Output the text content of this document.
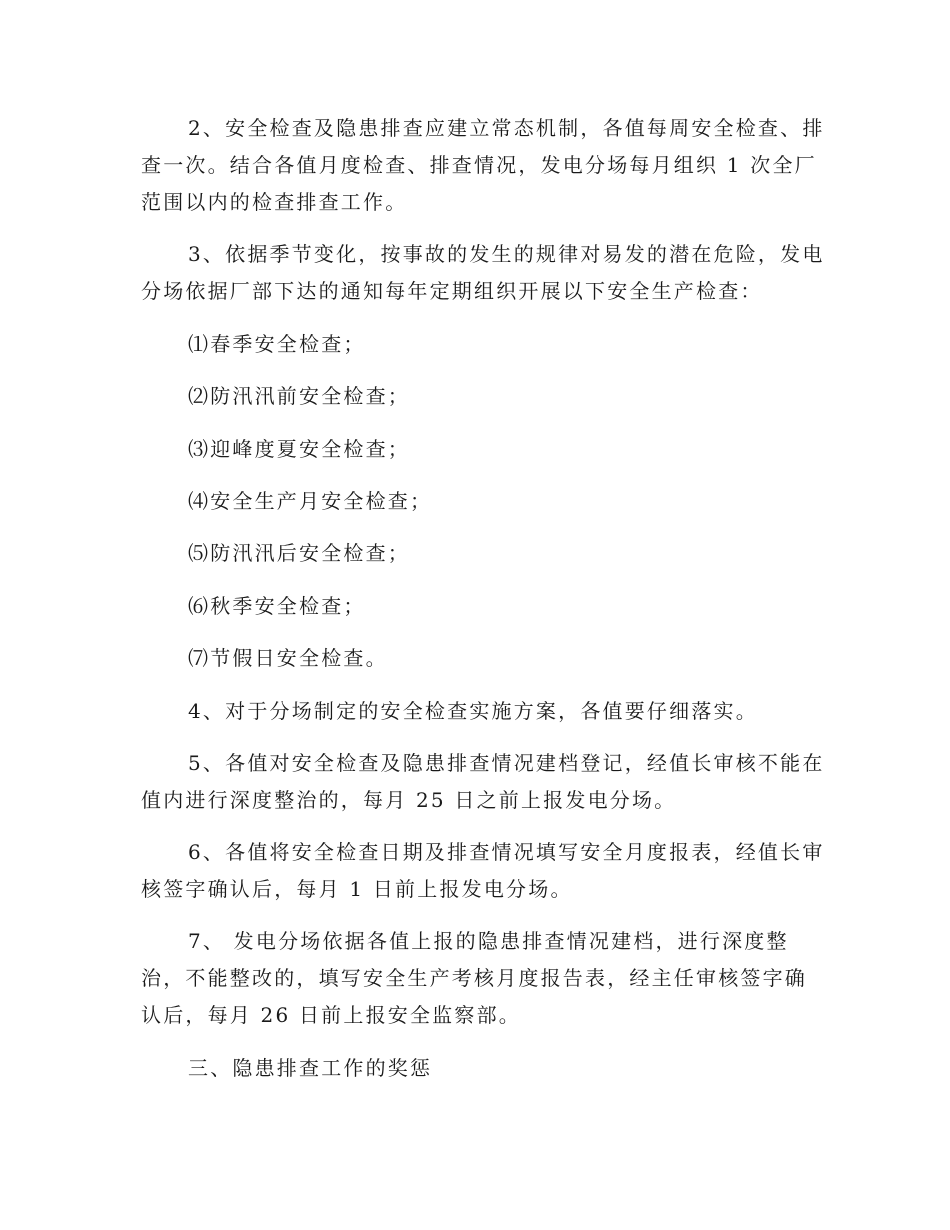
2、安全检查及隐患排查应建立常态机制，各值每周安全检查、排
查一次。结合各值月度检查、排查情况，发电分场每月组织 1 次全厂
范围以内的检查排查工作。
3、依据季节变化，按事故的发生的规律对易发的潜在危险，发电
分场依据厂部下达的通知每年定期组织开展以下安全生产检查：
⑴春季安全检查；
⑵防汛汛前安全检查；
⑶迎峰度夏安全检查；
⑷安全生产月安全检查；
⑸防汛汛后安全检查；
⑹秋季安全检查；
⑺节假日安全检查。
4、对于分场制定的安全检查实施方案，各值要仔细落实。
5、各值对安全检查及隐患排查情况建档登记，经值长审核不能在
值内进行深度整治的，每月 25 日之前上报发电分场。
6、各值将安全检查日期及排查情况填写安全月度报表，经值长审
核签字确认后，每月 1 日前上报发电分场。
7、 发电分场依据各值上报的隐患排查情况建档，进行深度整
治，不能整改的，填写安全生产考核月度报告表，经主任审核签字确
认后，每月 26 日前上报安全监察部。
三、隐患排查工作的奖惩
